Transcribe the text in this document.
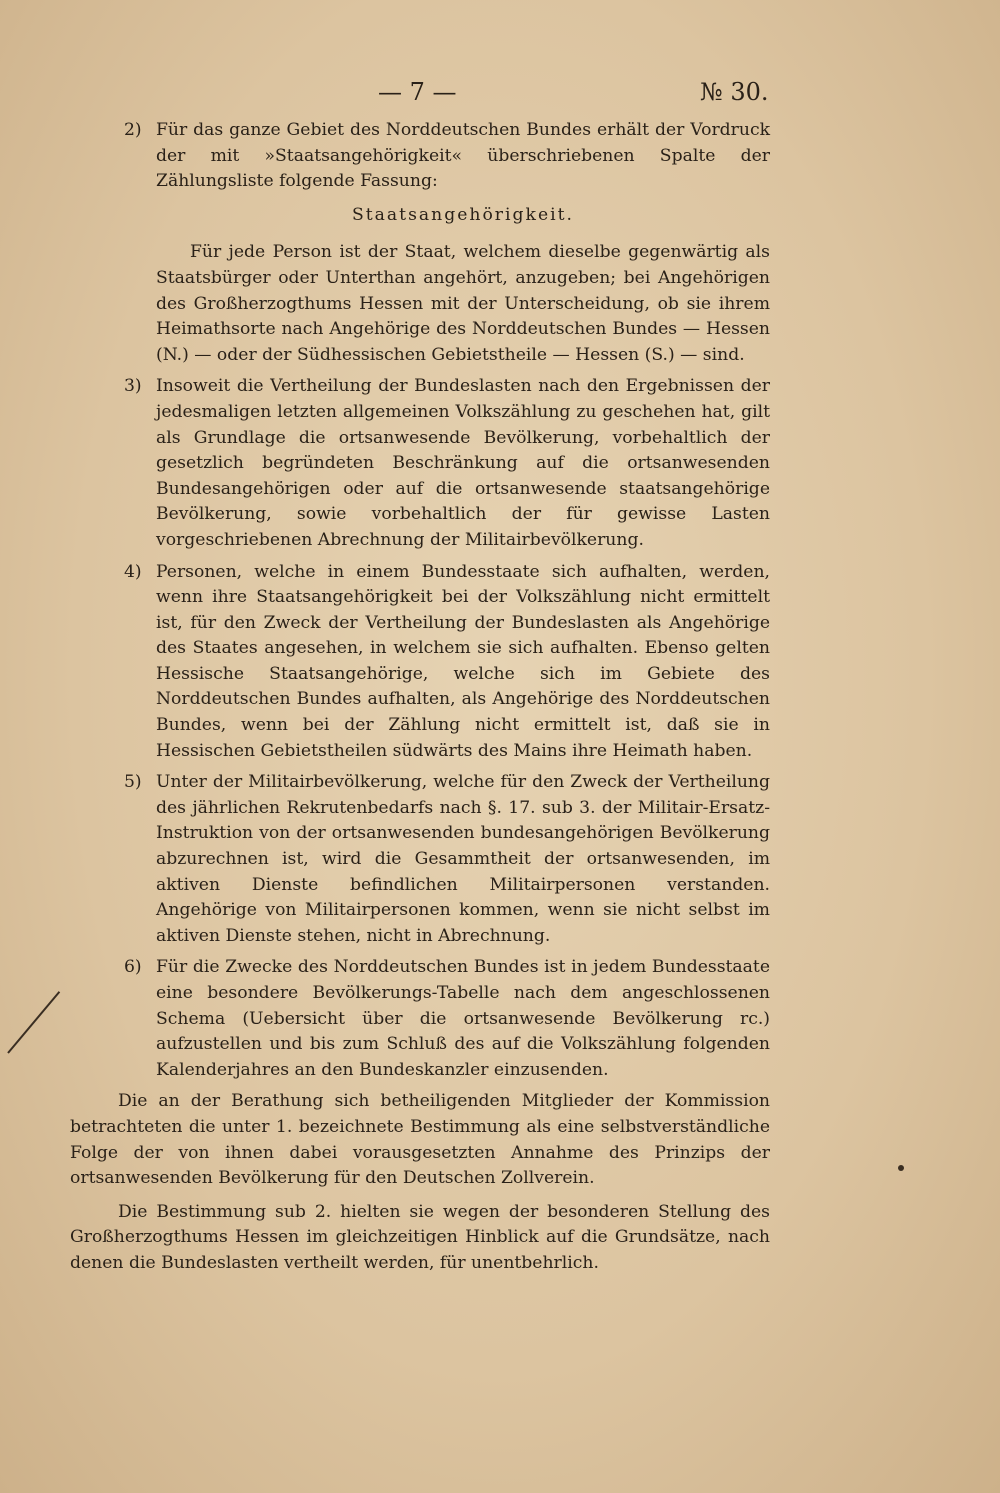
— 7 —	№ 30.
2) Für das ganze Gebiet des Norddeutschen Bundes erhält der Vordruck der mit »Staatsangehörigkeit« überschriebenen Spalte der Zählungsliste folgende Fassung:

Staatsangehörigkeit.

Für jede Person ist der Staat, welchem dieselbe gegenwärtig als Staatsbürger oder Unterthan angehört, anzugeben; bei Angehörigen des Großherzogthums Hessen mit der Unterscheidung, ob sie ihrem Heimathsorte nach Angehörige des Norddeutschen Bundes — Hessen (N.) — oder der Südhessischen Gebietstheile — Hessen (S.) — sind.

3) Insoweit die Vertheilung der Bundeslasten nach den Ergebnissen der jedesmaligen letzten allgemeinen Volkszählung zu geschehen hat, gilt als Grundlage die ortsanwesende Bevölkerung, vorbehaltlich der gesetzlich begründeten Beschränkung auf die ortsanwesenden Bundesangehörigen oder auf die ortsanwesende staatsangehörige Bevölkerung, sowie vorbehaltlich der für gewisse Lasten vorgeschriebenen Abrechnung der Militairbevölkerung.

4) Personen, welche in einem Bundesstaate sich aufhalten, werden, wenn ihre Staatsangehörigkeit bei der Volkszählung nicht ermittelt ist, für den Zweck der Vertheilung der Bundeslasten als Angehörige des Staates angesehen, in welchem sie sich aufhalten. Ebenso gelten Hessische Staatsangehörige, welche sich im Gebiete des Norddeutschen Bundes aufhalten, als Angehörige des Norddeutschen Bundes, wenn bei der Zählung nicht ermittelt ist, daß sie in Hessischen Gebietstheilen südwärts des Mains ihre Heimath haben.

5) Unter der Militairbevölkerung, welche für den Zweck der Vertheilung des jährlichen Rekrutenbedarfs nach §. 17. sub 3. der Militair-Ersatz-Instruktion von der ortsanwesenden bundesangehörigen Bevölkerung abzurechnen ist, wird die Gesammtheit der ortsanwesenden, im aktiven Dienste befindlichen Militairpersonen verstanden. Angehörige von Militairpersonen kommen, wenn sie nicht selbst im aktiven Dienste stehen, nicht in Abrechnung.

6) Für die Zwecke des Norddeutschen Bundes ist in jedem Bundesstaate eine besondere Bevölkerungs-Tabelle nach dem angeschlossenen Schema (Uebersicht über die ortsanwesende Bevölkerung rc.) aufzustellen und bis zum Schluß des auf die Volkszählung folgenden Kalenderjahres an den Bundeskanzler einzusenden.

Die an der Berathung sich betheiligenden Mitglieder der Kommission betrachteten die unter 1. bezeichnete Bestimmung als eine selbstverständliche Folge der von ihnen dabei vorausgesetzten Annahme des Prinzips der ortsanwesenden Bevölkerung für den Deutschen Zollverein.

Die Bestimmung sub 2. hielten sie wegen der besonderen Stellung des Großherzogthums Hessen im gleichzeitigen Hinblick auf die Grundsätze, nach denen die Bundeslasten vertheilt werden, für unentbehrlich.
